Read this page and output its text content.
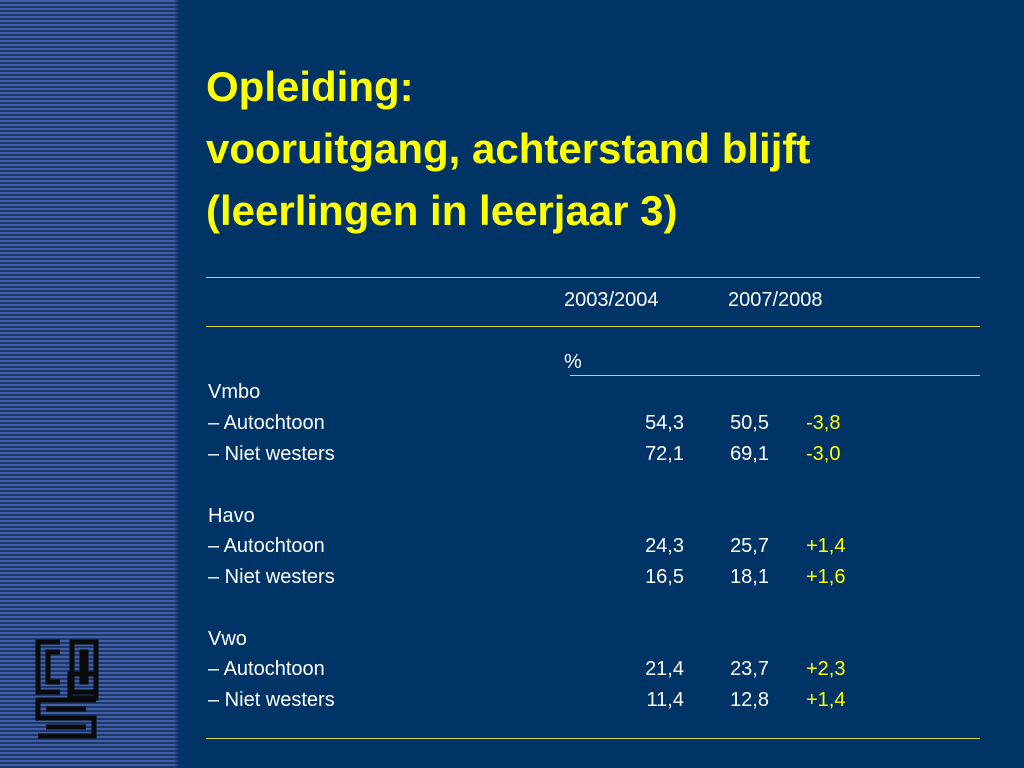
Opleiding:
vooruitgang, achterstand blijft
(leerlingen in leerjaar 3)
2003/2004	2007/2008
%
Vmbo
– Autochtoon	54,3	50,5 -3,8
– Niet westers	72,1	69,1 -3,0
Havo
– Autochtoon	24,3	25,7 +1,4
– Niet westers	16,5	18,1 +1,6
Vwo
– Autochtoon	21,4	23,7 +2,3
– Niet westers	11,4	12,8 +1,4
